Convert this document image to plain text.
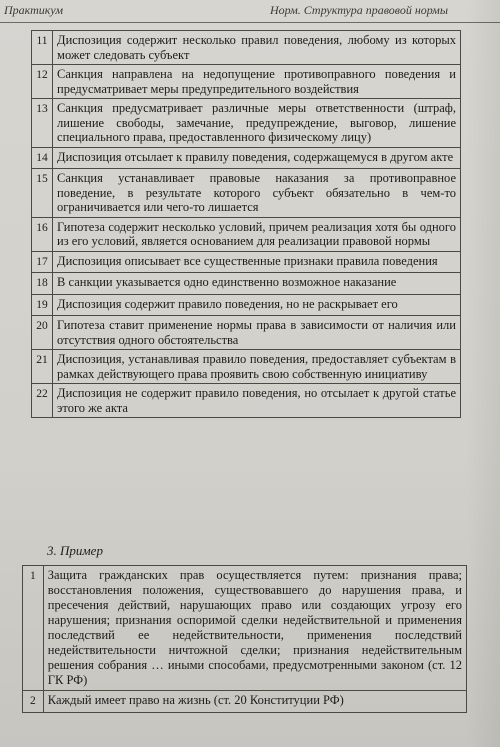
Практикум	Норм. Структура правовой нормы
11	Диспозиция содержит несколько правил поведения, любому из которых может следовать субъект
12	Санкция направлена на недопущение противоправного поведения и предусматривает меры предупредительного воздействия
13	Санкция предусматривает различные меры ответственности (штраф, лишение свободы, замечание, предупреждение, выговор, лишение специального права, предоставленного физическому лицу)
14	Диспозиция отсылает к правилу поведения, содержащемуся в другом акте
15	Санкция устанавливает правовые наказания за противоправное поведение, в результате которого субъект обязательно в чем-то ограничивается или чего-то лишается
16	Гипотеза содержит несколько условий, причем реализация хотя бы одного из его условий, является основанием для реализации правовой нормы
17	Диспозиция описывает все существенные признаки правила поведения
18	В санкции указывается одно единственно возможное наказание
19	Диспозиция содержит правило поведения, но не раскрывает его
20	Гипотеза ставит применение нормы права в зависимости от наличия или отсутствия одного обстоятельства
21	Диспозиция, устанавливая правило поведения, предоставляет субъектам в рамках действующего права проявить свою собственную инициативу
22	Диспозиция не содержит правило поведения, но отсылает к другой статье этого же акта
3. Пример
1	Защита гражданских прав осуществляется путем: признания права; восстановления положения, существовавшего до нарушения права, и пресечения действий, нарушающих право или создающих угрозу его нарушения; признания оспоримой сделки недействительной и применения последствий ее недействительности, применения последствий недействительности ничтожной сделки; признания недействительным решения собрания … иными способами, предусмотренными законом (ст. 12 ГК РФ)
2	Каждый имеет право на жизнь (ст. 20 Конституции РФ)
